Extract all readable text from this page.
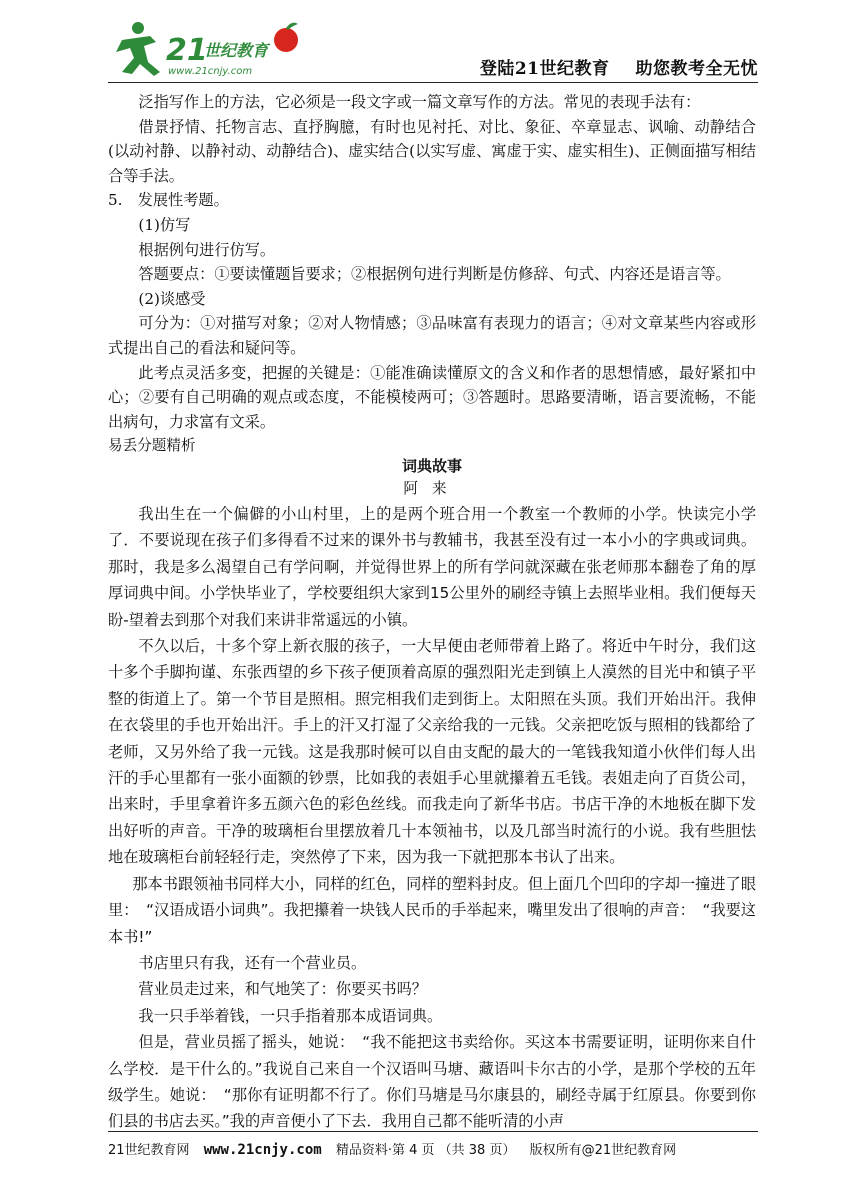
21
世纪教育
www.21cnjy.com	登陆21世纪教育 助您教考全无忧

泛指写作上的方法，它必须是一段文字或一篇文章写作的方法。常见的表现手法有：

借景抒情、托物言志、直抒胸臆，有时也见衬托、对比、象征、卒章显志、讽喻、动静结合(以动衬静、以静衬动、动静结合)、虚实结合(以实写虚、寓虚于实、虚实相生)、正侧面描写相结合等手法。

5.　发展性考题。

(1)仿写

根据例句进行仿写。

答题要点：①要读懂题旨要求；②根据例句进行判断是仿修辞、句式、内容还是语言等。

(2)谈感受

可分为：①对描写对象；②对人物情感；③品味富有表现力的语言；④对文章某些内容或形式提出自己的看法和疑问等。

此考点灵活多变，把握的关键是：①能准确读懂原文的含义和作者的思想情感，最好紧扣中心；②要有自己明确的观点或态度，不能模棱两可；③答题时。思路要清晰，语言要流畅，不能出病句，力求富有文采。

易丢分题精析

词典故事

阿来

我出生在一个偏僻的小山村里，上的是两个班合用一个教室一个教师的小学。快读完小学了．不要说现在孩子们多得看不过来的课外书与教辅书，我甚至没有过一本小小的字典或词典。那时，我是多么渴望自己有学问啊，并觉得世界上的所有学问就深藏在张老师那本翻卷了角的厚厚词典中间。小学快毕业了，学校要组织大家到15公里外的刷经寺镇上去照毕业相。我们便每天盼-望着去到那个对我们来讲非常遥远的小镇。

不久以后，十多个穿上新衣服的孩子，一大早便由老师带着上路了。将近中午时分，我们这十多个手脚拘谨、东张西望的乡下孩子便顶着高原的强烈阳光走到镇上人漠然的目光中和镇子平整的街道上了。第一个节目是照相。照完相我们走到街上。太阳照在头顶。我们开始出汗。我伸在衣袋里的手也开始出汗。手上的汗又打湿了父亲给我的一元钱。父亲把吃饭与照相的钱都给了老师，又另外给了我一元钱。这是我那时候可以自由支配的最大的一笔钱我知道小伙伴们每人出汗的手心里都有一张小面额的钞票，比如我的表姐手心里就攥着五毛钱。表姐走向了百货公司，出来时，手里拿着许多五颜六色的彩色丝线。而我走向了新华书店。书店干净的木地板在脚下发出好听的声音。干净的玻璃柜台里摆放着几十本领袖书，以及几部当时流行的小说。我有些胆怯地在玻璃柜台前轻轻行走，突然停了下来，因为我一下就把那本书认了出来。

那本书跟领袖书同样大小，同样的红色，同样的塑料封皮。但上面几个凹印的字却一撞进了眼里：　“汉语成语小词典”。我把攥着一块钱人民币的手举起来，嘴里发出了很响的声音：　“我要这本书!”

书店里只有我，还有一个营业员。

营业员走过来，和气地笑了：你要买书吗？

我一只手举着钱，一只手指着那本成语词典。

但是，营业员摇了摇头，她说：　“我不能把这书卖给你。买这本书需要证明，证明你来自什么学校．是干什么的。”我说自己来自一个汉语叫马塘、藏语叫卡尔古的小学，是那个学校的五年级学生。她说：　“那你有证明都不行了。你们马塘是马尔康县的，刷经寺属于红原县。你要到你们县的书店去买。”我的声音便小了下去．我用自己都不能听清的小声

21世纪教育网 www.21cnjy.com 精品资料·第 4 页 （共 38 页） 版权所有@21世纪教育网
